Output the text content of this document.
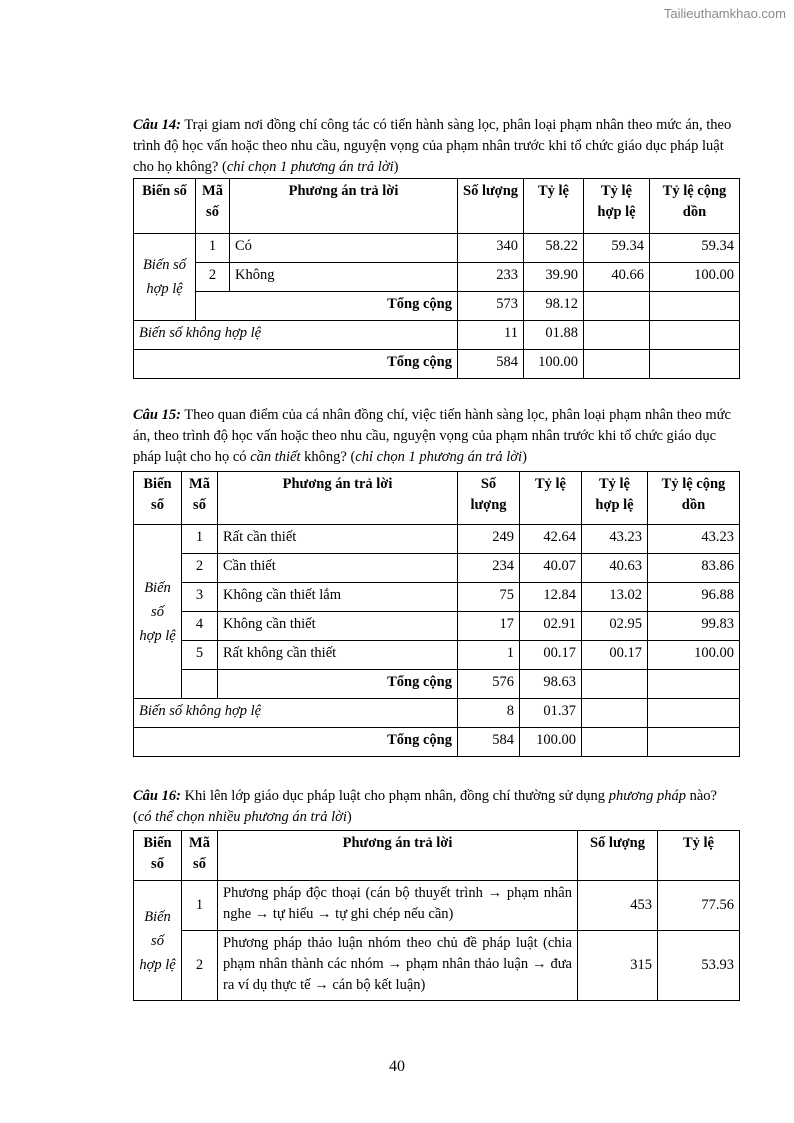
Tailieuthamkhao.com
Câu 14: Trại giam nơi đồng chí công tác có tiến hành sàng lọc, phân loại phạm nhân theo mức án, theo trình độ học vấn hoặc theo nhu cầu, nguyện vọng của phạm nhân trước khi tổ chức giáo dục pháp luật cho họ không? (chỉ chọn 1 phương án trả lời)
Biến số	Mã số	Phương án trả lời	Số lượng	Tỷ lệ	Tỷ lệ hợp lệ	Tỷ lệ cộng dồn
Biến số hợp lệ	1	Có	340	58.22	59.34	59.34
	2	Không	233	39.90	40.66	100.00
	Tổng cộng		573	98.12		
Biến số không hợp lệ			11	01.88		
Tổng cộng			584	100.00		
Câu 15: Theo quan điểm của cá nhân đồng chí, việc tiến hành sàng lọc, phân loại phạm nhân theo mức án, theo trình độ học vấn hoặc theo nhu cầu, nguyện vọng của phạm nhân trước khi tổ chức giáo dục pháp luật cho họ có cần thiết không? (chỉ chọn 1 phương án trả lời)
Biến số	Mã số	Phương án trả lời	Số lượng	Tỷ lệ	Tỷ lệ hợp lệ	Tỷ lệ cộng dồn
Biến số hợp lệ	1	Rất cần thiết	249	42.64	43.23	43.23
	2	Cần thiết	234	40.07	40.63	83.86
	3	Không cần thiết lắm	75	12.84	13.02	96.88
	4	Không cần thiết	17	02.91	02.95	99.83
	5	Rất không cần thiết	1	00.17	00.17	100.00
		Tổng cộng	576	98.63		
Biến số không hợp lệ			8	01.37		
Tổng cộng			584	100.00		
Câu 16: Khi lên lớp giáo dục pháp luật cho phạm nhân, đồng chí thường sử dụng phương pháp nào? (có thể chọn nhiều phương án trả lời)
Biến số	Mã số	Phương án trả lời	Số lượng	Tỷ lệ
Biến số hợp lệ	1	Phương pháp độc thoại (cán bộ thuyết trình → phạm nhân nghe → tự hiểu → tự ghi chép nếu cần)	453	77.56
	2	Phương pháp thảo luận nhóm theo chủ đề pháp luật (chia phạm nhân thành các nhóm → phạm nhân thảo luận → đưa ra ví dụ thực tế → cán bộ kết luận)	315	53.93
40
